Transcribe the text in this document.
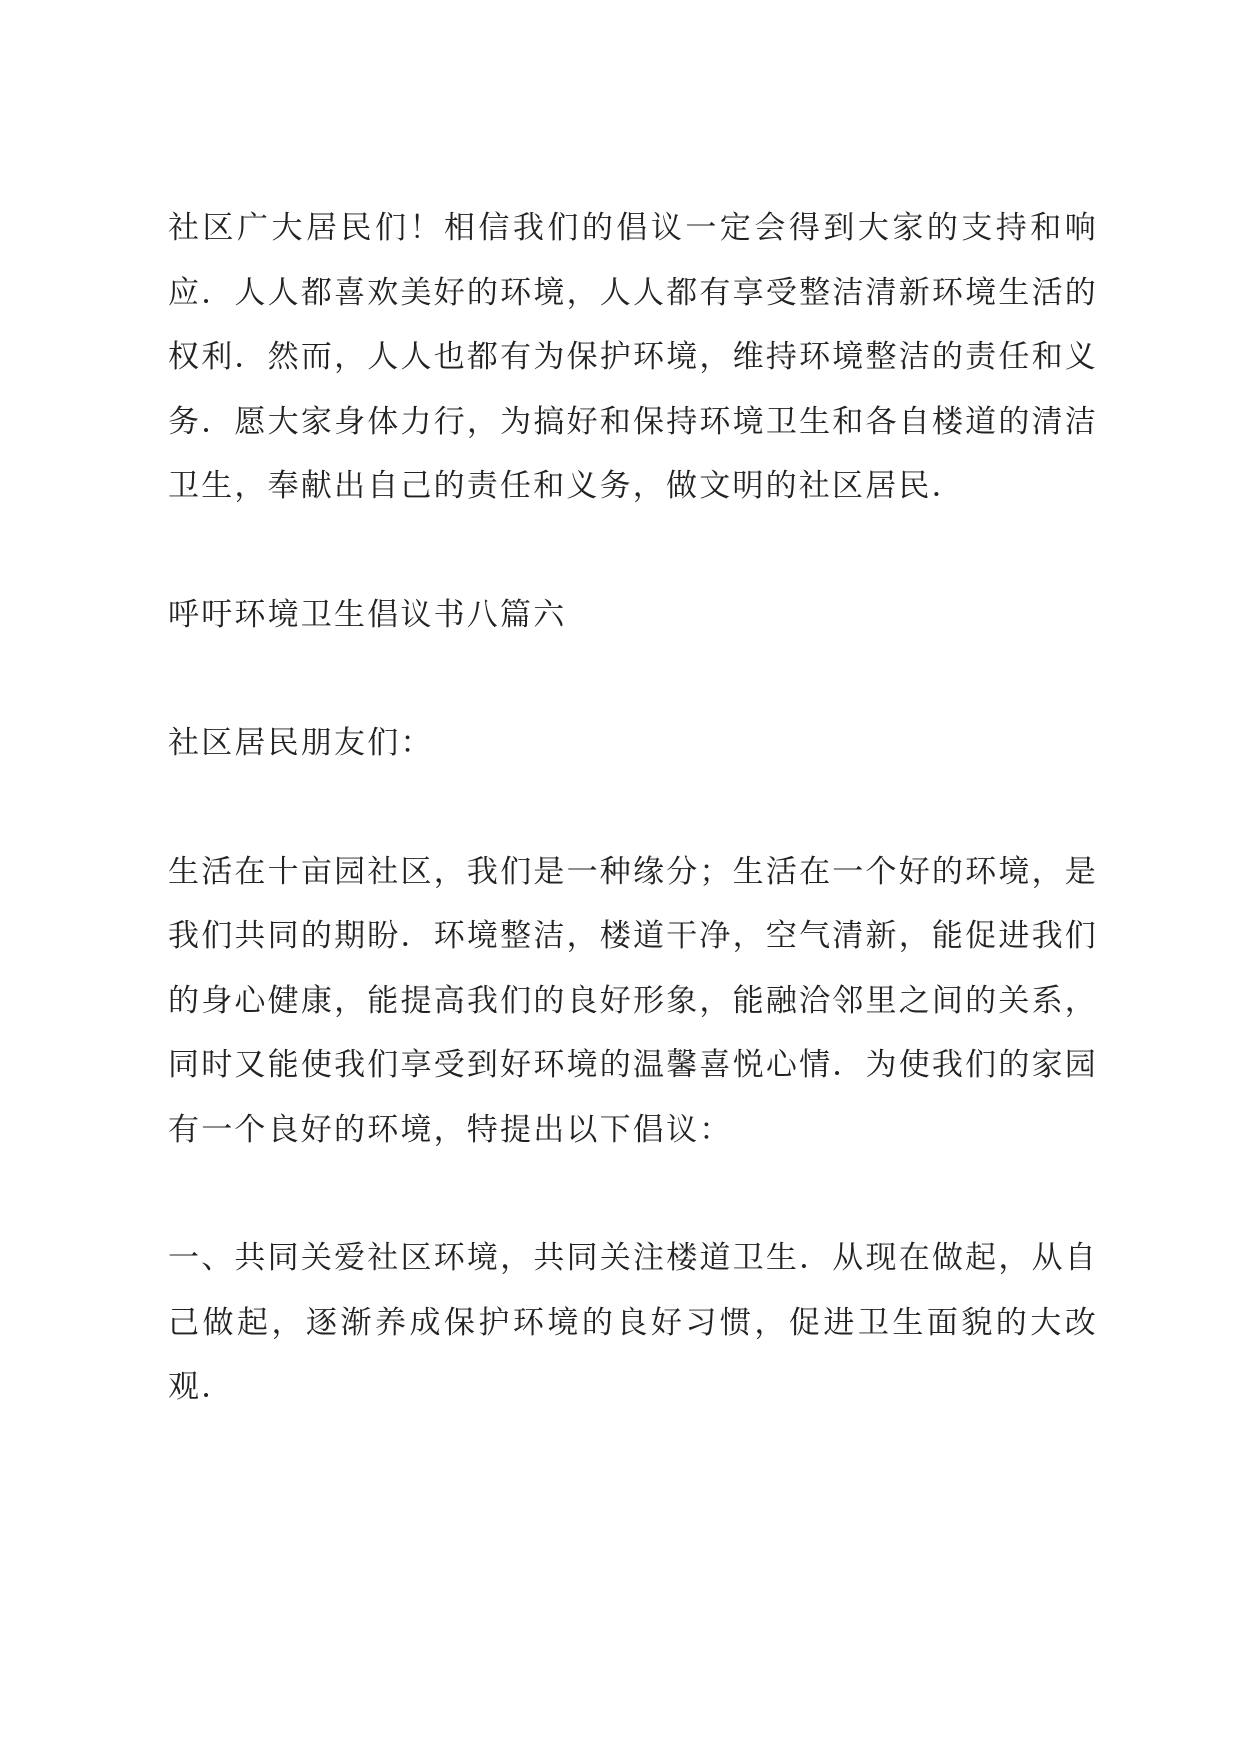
社区广大居民们！相信我们的倡议一定会得到大家的支持和响应．人人都喜欢美好的环境，人人都有享受整洁清新环境生活的权利．然而，人人也都有为保护环境，维持环境整洁的责任和义务．愿大家身体力行，为搞好和保持环境卫生和各自楼道的清洁卫生，奉献出自己的责任和义务，做文明的社区居民．

呼吁环境卫生倡议书八篇六

社区居民朋友们：

生活在十亩园社区，我们是一种缘分；生活在一个好的环境，是我们共同的期盼．环境整洁，楼道干净，空气清新，能促进我们的身心健康，能提高我们的良好形象，能融洽邻里之间的关系，同时又能使我们享受到好环境的温馨喜悦心情．为使我们的家园有一个良好的环境，特提出以下倡议：

一、共同关爱社区环境，共同关注楼道卫生．从现在做起，从自己做起，逐渐养成保护环境的良好习惯，促进卫生面貌的大改观．
